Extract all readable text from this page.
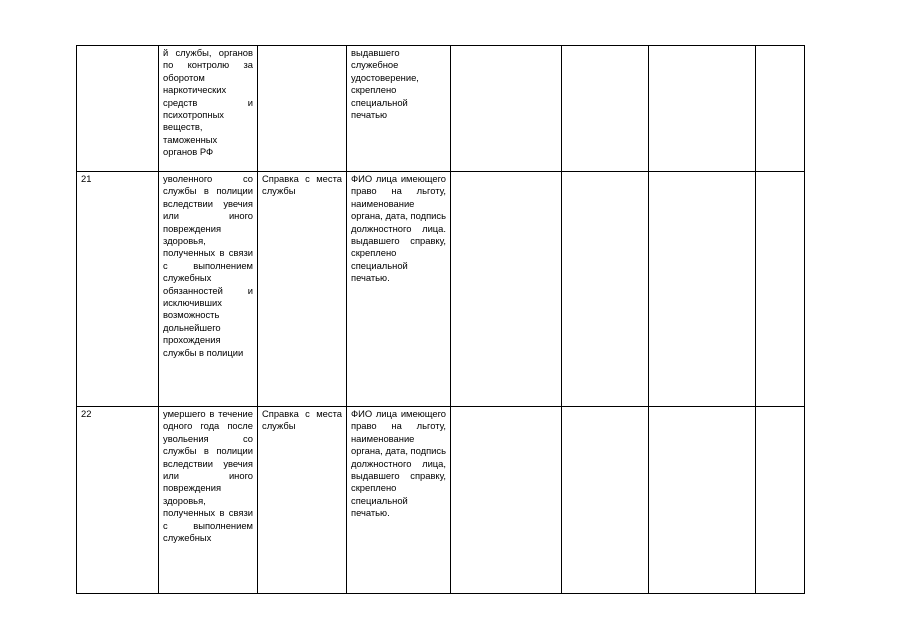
	й службы, органов по контролю за оборотом наркотических средств и психотропных веществ, таможенных органов РФ		выдавшего служебное удостоверение, скреплено специальной печатью				
21	уволенного со службы в полиции вследствии увечия или иного повреждения здоровья, полученных в связи с выполнением служебных обязанностей и исключивших возможность дольнейшего прохождения службы в полиции	Справка с места службы	ФИО лица имеющего право на льготу, наименование органа, дата, подпись должностного лица. выдавшего справку, скреплено специальной печатью.				
22	умершего в течение одного года после увольения со службы в полиции вследствии увечия или иного повреждения здоровья, полученных в связи с выполнением служебных	Справка с места службы	ФИО лица имеющего право на льготу, наименование органа, дата, подпись должностного лица, выдавшего справку, скреплено специальной печатью.				
